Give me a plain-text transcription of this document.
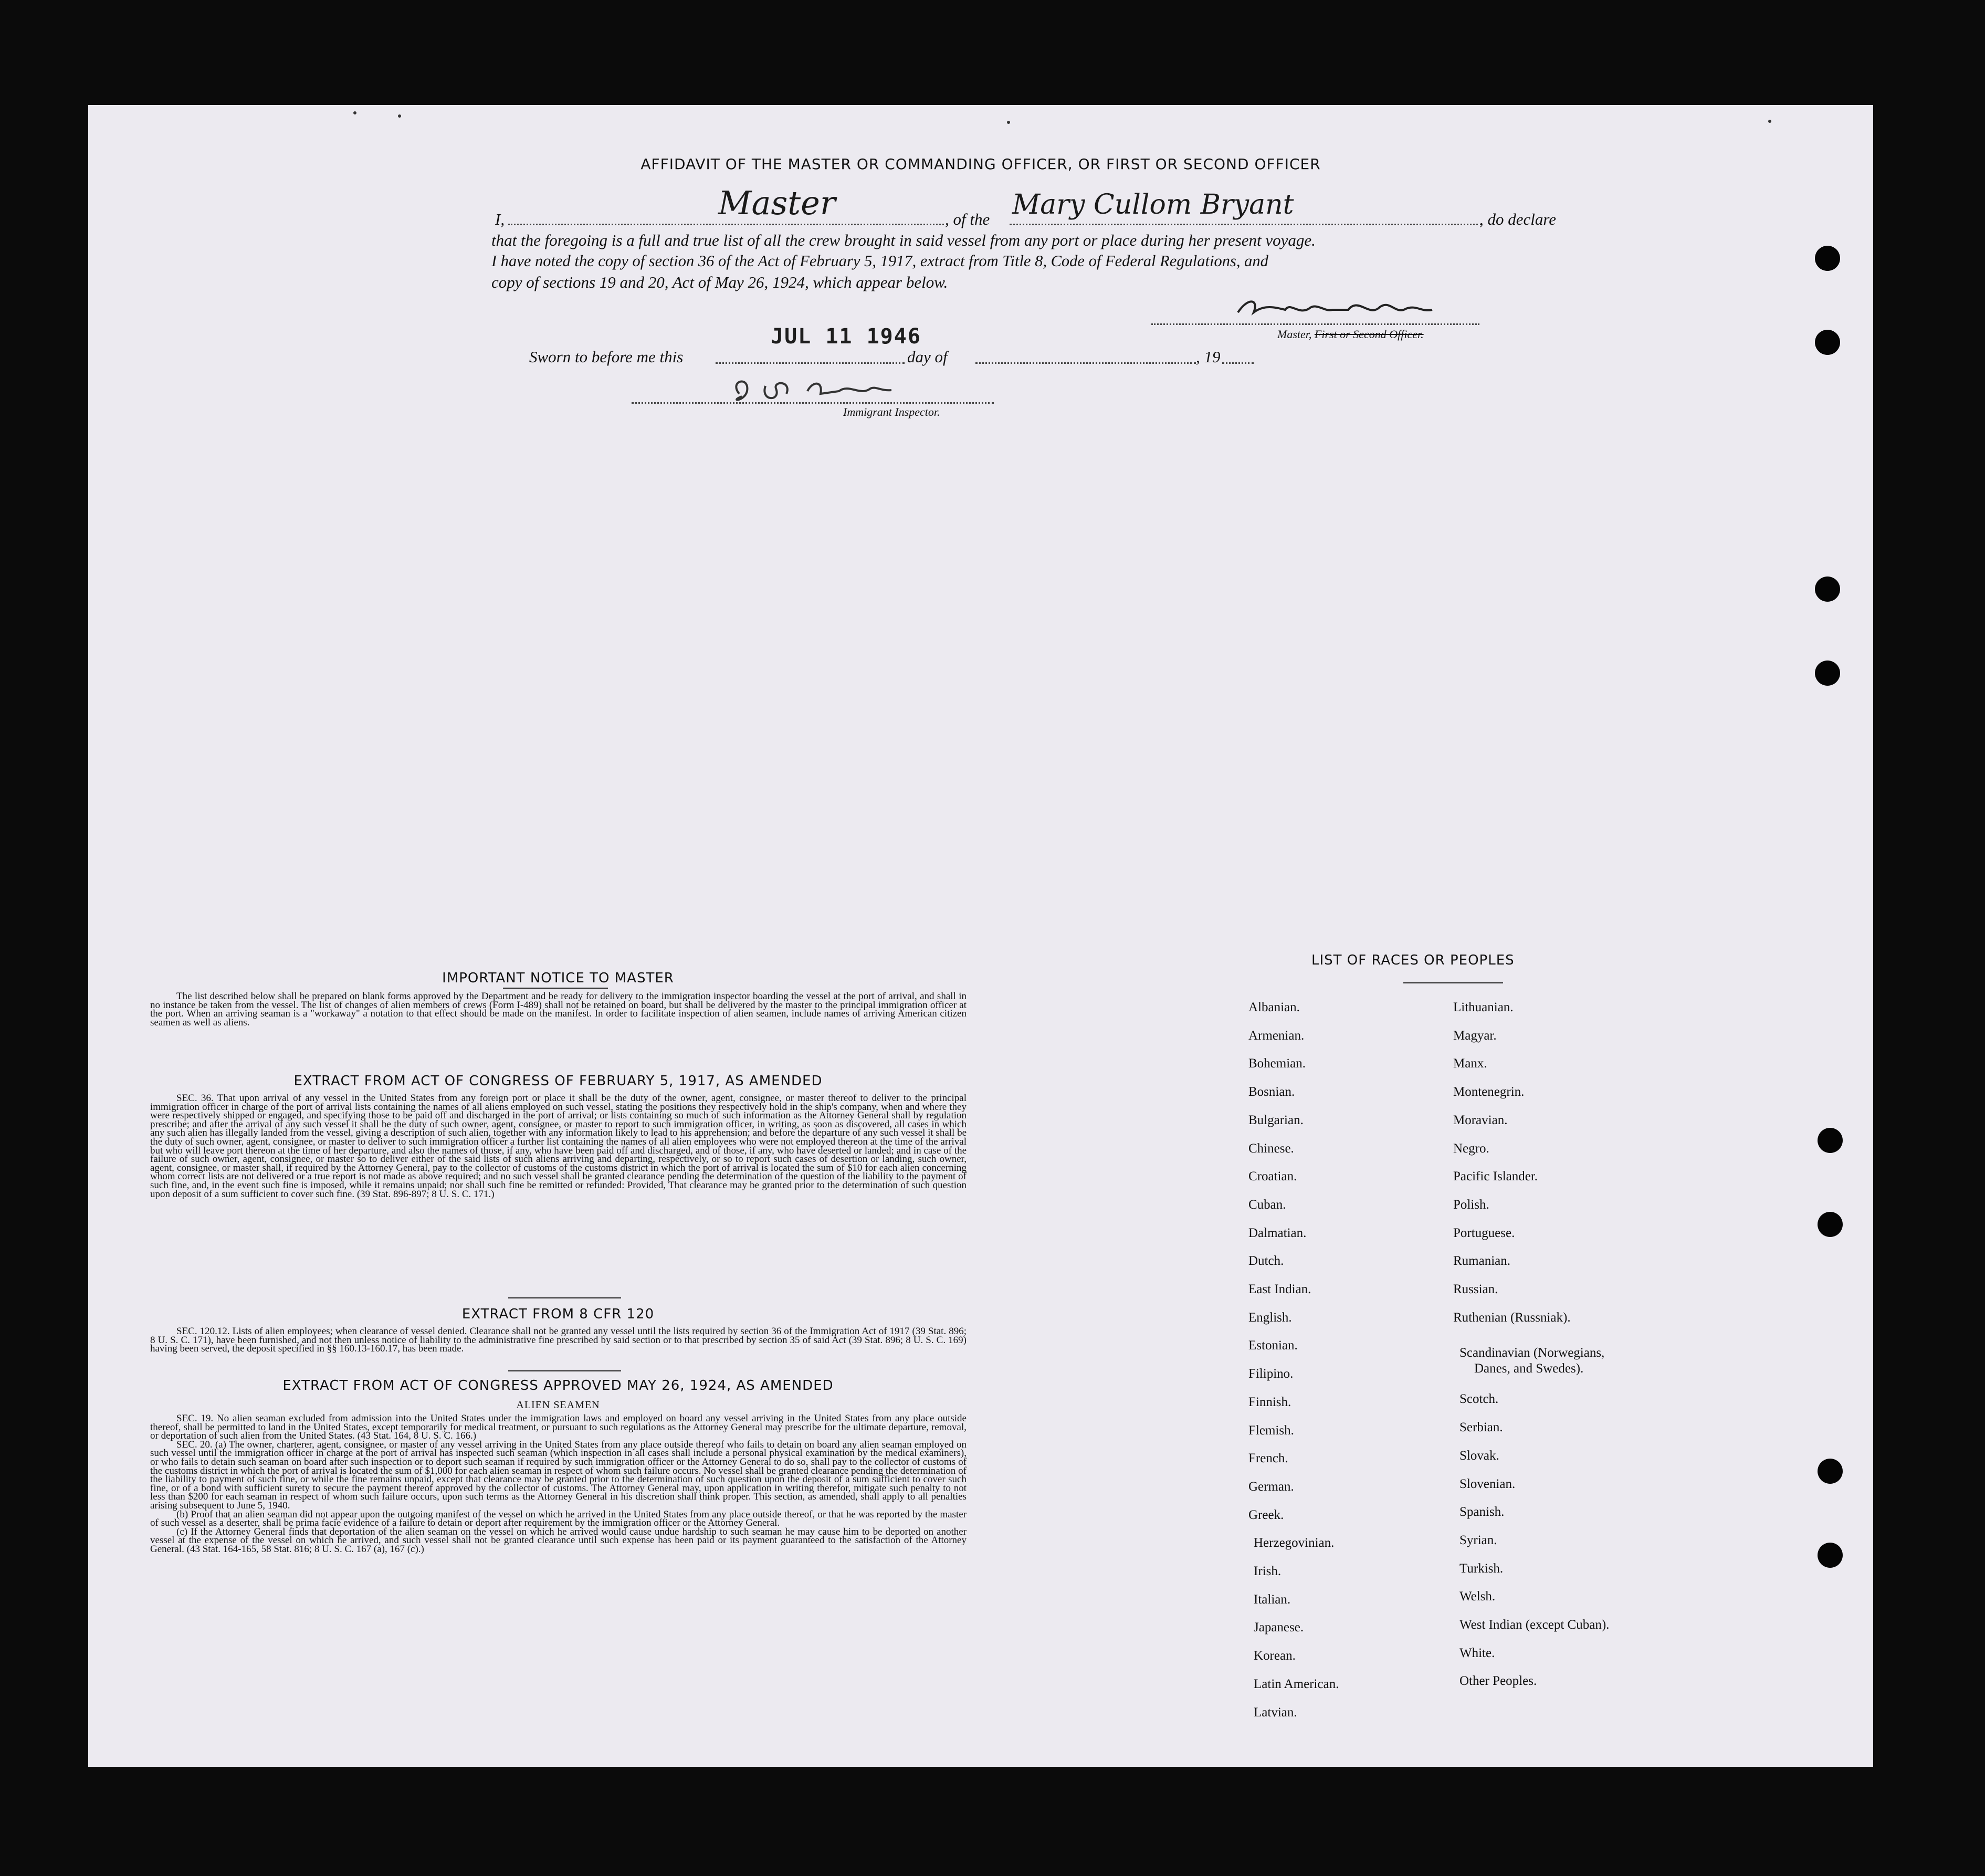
AFFIDAVIT OF THE MASTER OR COMMANDING OFFICER, OR FIRST OR SECOND OFFICER
I,	Master	, of the Mary Cullom Bryant	, do declare
that the foregoing is a full and true list of all the crew brought in said vessel from any port or place during her present voyage.
I have noted the copy of section 36 of the Act of February 5, 1917, extract from Title 8, Code of Federal Regulations, and
copy of sections 19 and 20, Act of May 26, 1924, which appear below.
Master, First or Second Officer.
JUL 11 1946
Sworn to before me this	day of	, 19
Immigrant Inspector.
IMPORTANT NOTICE TO MASTER

The list described below shall be prepared on blank forms approved by the Department and be ready for delivery to the immigration inspector boarding the vessel at the port of arrival, and shall in no instance be taken from the vessel. The list of changes of alien members of crews (Form I-489) shall not be retained on board, but shall be delivered by the master to the principal immigration officer at the port. When an arriving seaman is a "workaway" a notation to that effect should be made on the manifest. In order to facilitate inspection of alien seamen, include names of arriving American citizen seamen as well as aliens.

EXTRACT FROM ACT OF CONGRESS OF FEBRUARY 5, 1917, AS AMENDED

SEC. 36. That upon arrival of any vessel in the United States from any foreign port or place it shall be the duty of the owner, agent, consignee, or master thereof to deliver to the principal immigration officer in charge of the port of arrival lists containing the names of all aliens employed on such vessel, stating the positions they respectively hold in the ship's company, when and where they were respectively shipped or engaged, and specifying those to be paid off and discharged in the port of arrival; or lists containing so much of such information as the Attorney General shall by regulation prescribe; and after the arrival of any such vessel it shall be the duty of such owner, agent, consignee, or master to report to such immigration officer, in writing, as soon as discovered, all cases in which any such alien has illegally landed from the vessel, giving a description of such alien, together with any information likely to lead to his apprehension; and before the departure of any such vessel it shall be the duty of such owner, agent, consignee, or master to deliver to such immigration officer a further list containing the names of all alien employees who were not employed thereon at the time of the arrival but who will leave port thereon at the time of her departure, and also the names of those, if any, who have been paid off and discharged, and of those, if any, who have deserted or landed; and in case of the failure of such owner, agent, consignee, or master so to deliver either of the said lists of such aliens arriving and departing, respectively, or so to report such cases of desertion or landing, such owner, agent, consignee, or master shall, if required by the Attorney General, pay to the collector of customs of the customs district in which the port of arrival is located the sum of $10 for each alien concerning whom correct lists are not delivered or a true report is not made as above required; and no such vessel shall be granted clearance pending the determination of the question of the liability to the payment of such fine, and, in the event such fine is imposed, while it remains unpaid; nor shall such fine be remitted or refunded: Provided, That clearance may be granted prior to the determination of such question upon deposit of a sum sufficient to cover such fine. (39 Stat. 896-897; 8 U. S. C. 171.)

EXTRACT FROM 8 CFR 120

SEC. 120.12. Lists of alien employees; when clearance of vessel denied. Clearance shall not be granted any vessel until the lists required by section 36 of the Immigration Act of 1917 (39 Stat. 896; 8 U. S. C. 171), have been furnished, and not then unless notice of liability to the administrative fine prescribed by said section or to that prescribed by section 35 of said Act (39 Stat. 896; 8 U. S. C. 169) having been served, the deposit specified in §§ 160.13-160.17, has been made.

EXTRACT FROM ACT OF CONGRESS APPROVED MAY 26, 1924, AS AMENDED
ALIEN SEAMEN

SEC. 19. No alien seaman excluded from admission into the United States under the immigration laws and employed on board any vessel arriving in the United States from any place outside thereof, shall be permitted to land in the United States, except temporarily for medical treatment, or pursuant to such regulations as the Attorney General may prescribe for the ultimate departure, removal, or deportation of such alien from the United States. (43 Stat. 164, 8 U. S. C. 166.)

SEC. 20. (a) The owner, charterer, agent, consignee, or master of any vessel arriving in the United States from any place outside thereof who fails to detain on board any alien seaman employed on such vessel until the immigration officer in charge at the port of arrival has inspected such seaman (which inspection in all cases shall include a personal physical examination by the medical examiners), or who fails to detain such seaman on board after such inspection or to deport such seaman if required by such immigration officer or the Attorney General to do so, shall pay to the collector of customs of the customs district in which the port of arrival is located the sum of $1,000 for each alien seaman in respect of whom such failure occurs. No vessel shall be granted clearance pending the determination of the liability to payment of such fine, or while the fine remains unpaid, except that clearance may be granted prior to the determination of such question upon the deposit of a sum sufficient to cover such fine, or of a bond with sufficient surety to secure the payment thereof approved by the collector of customs. The Attorney General may, upon application in writing therefor, mitigate such penalty to not less than $200 for each seaman in respect of whom such failure occurs, upon such terms as the Attorney General in his discretion shall think proper. This section, as amended, shall apply to all penalties arising subsequent to June 5, 1940.

(b) Proof that an alien seaman did not appear upon the outgoing manifest of the vessel on which he arrived in the United States from any place outside thereof, or that he was reported by the master of such vessel as a deserter, shall be prima facie evidence of a failure to detain or deport after requirement by the immigration officer or the Attorney General.

(c) If the Attorney General finds that deportation of the alien seaman on the vessel on which he arrived would cause undue hardship to such seaman he may cause him to be deported on another vessel at the expense of the vessel on which he arrived, and such vessel shall not be granted clearance until such expense has been paid or its payment guaranteed to the satisfaction of the Attorney General. (43 Stat. 164-165, 58 Stat. 816; 8 U. S. C. 167 (a), 167 (c).)

LIST OF RACES OR PEOPLES
Albanian.
Armenian.
Bohemian.
Bosnian.
Bulgarian.
Chinese.
Croatian.
Cuban.
Dalmatian.
Dutch.
East Indian.
English.
Estonian.
Filipino.
Finnish.
Flemish.
French.
German.
Greek.
Herzegovinian.
Irish.
Italian.
Japanese.
Korean.
Latin American.
Latvian.
Lithuanian.
Magyar.
Manx.
Montenegrin.
Moravian.
Negro.
Pacific Islander.
Polish.
Portuguese.
Rumanian.
Russian.
Ruthenian (Russniak).
Scandinavian (Norwegians,
Danes, and Swedes).
Scotch.
Serbian.
Slovak.
Slovenian.
Spanish.
Syrian.
Turkish.
Welsh.
West Indian (except Cuban).
White.
Other Peoples.
